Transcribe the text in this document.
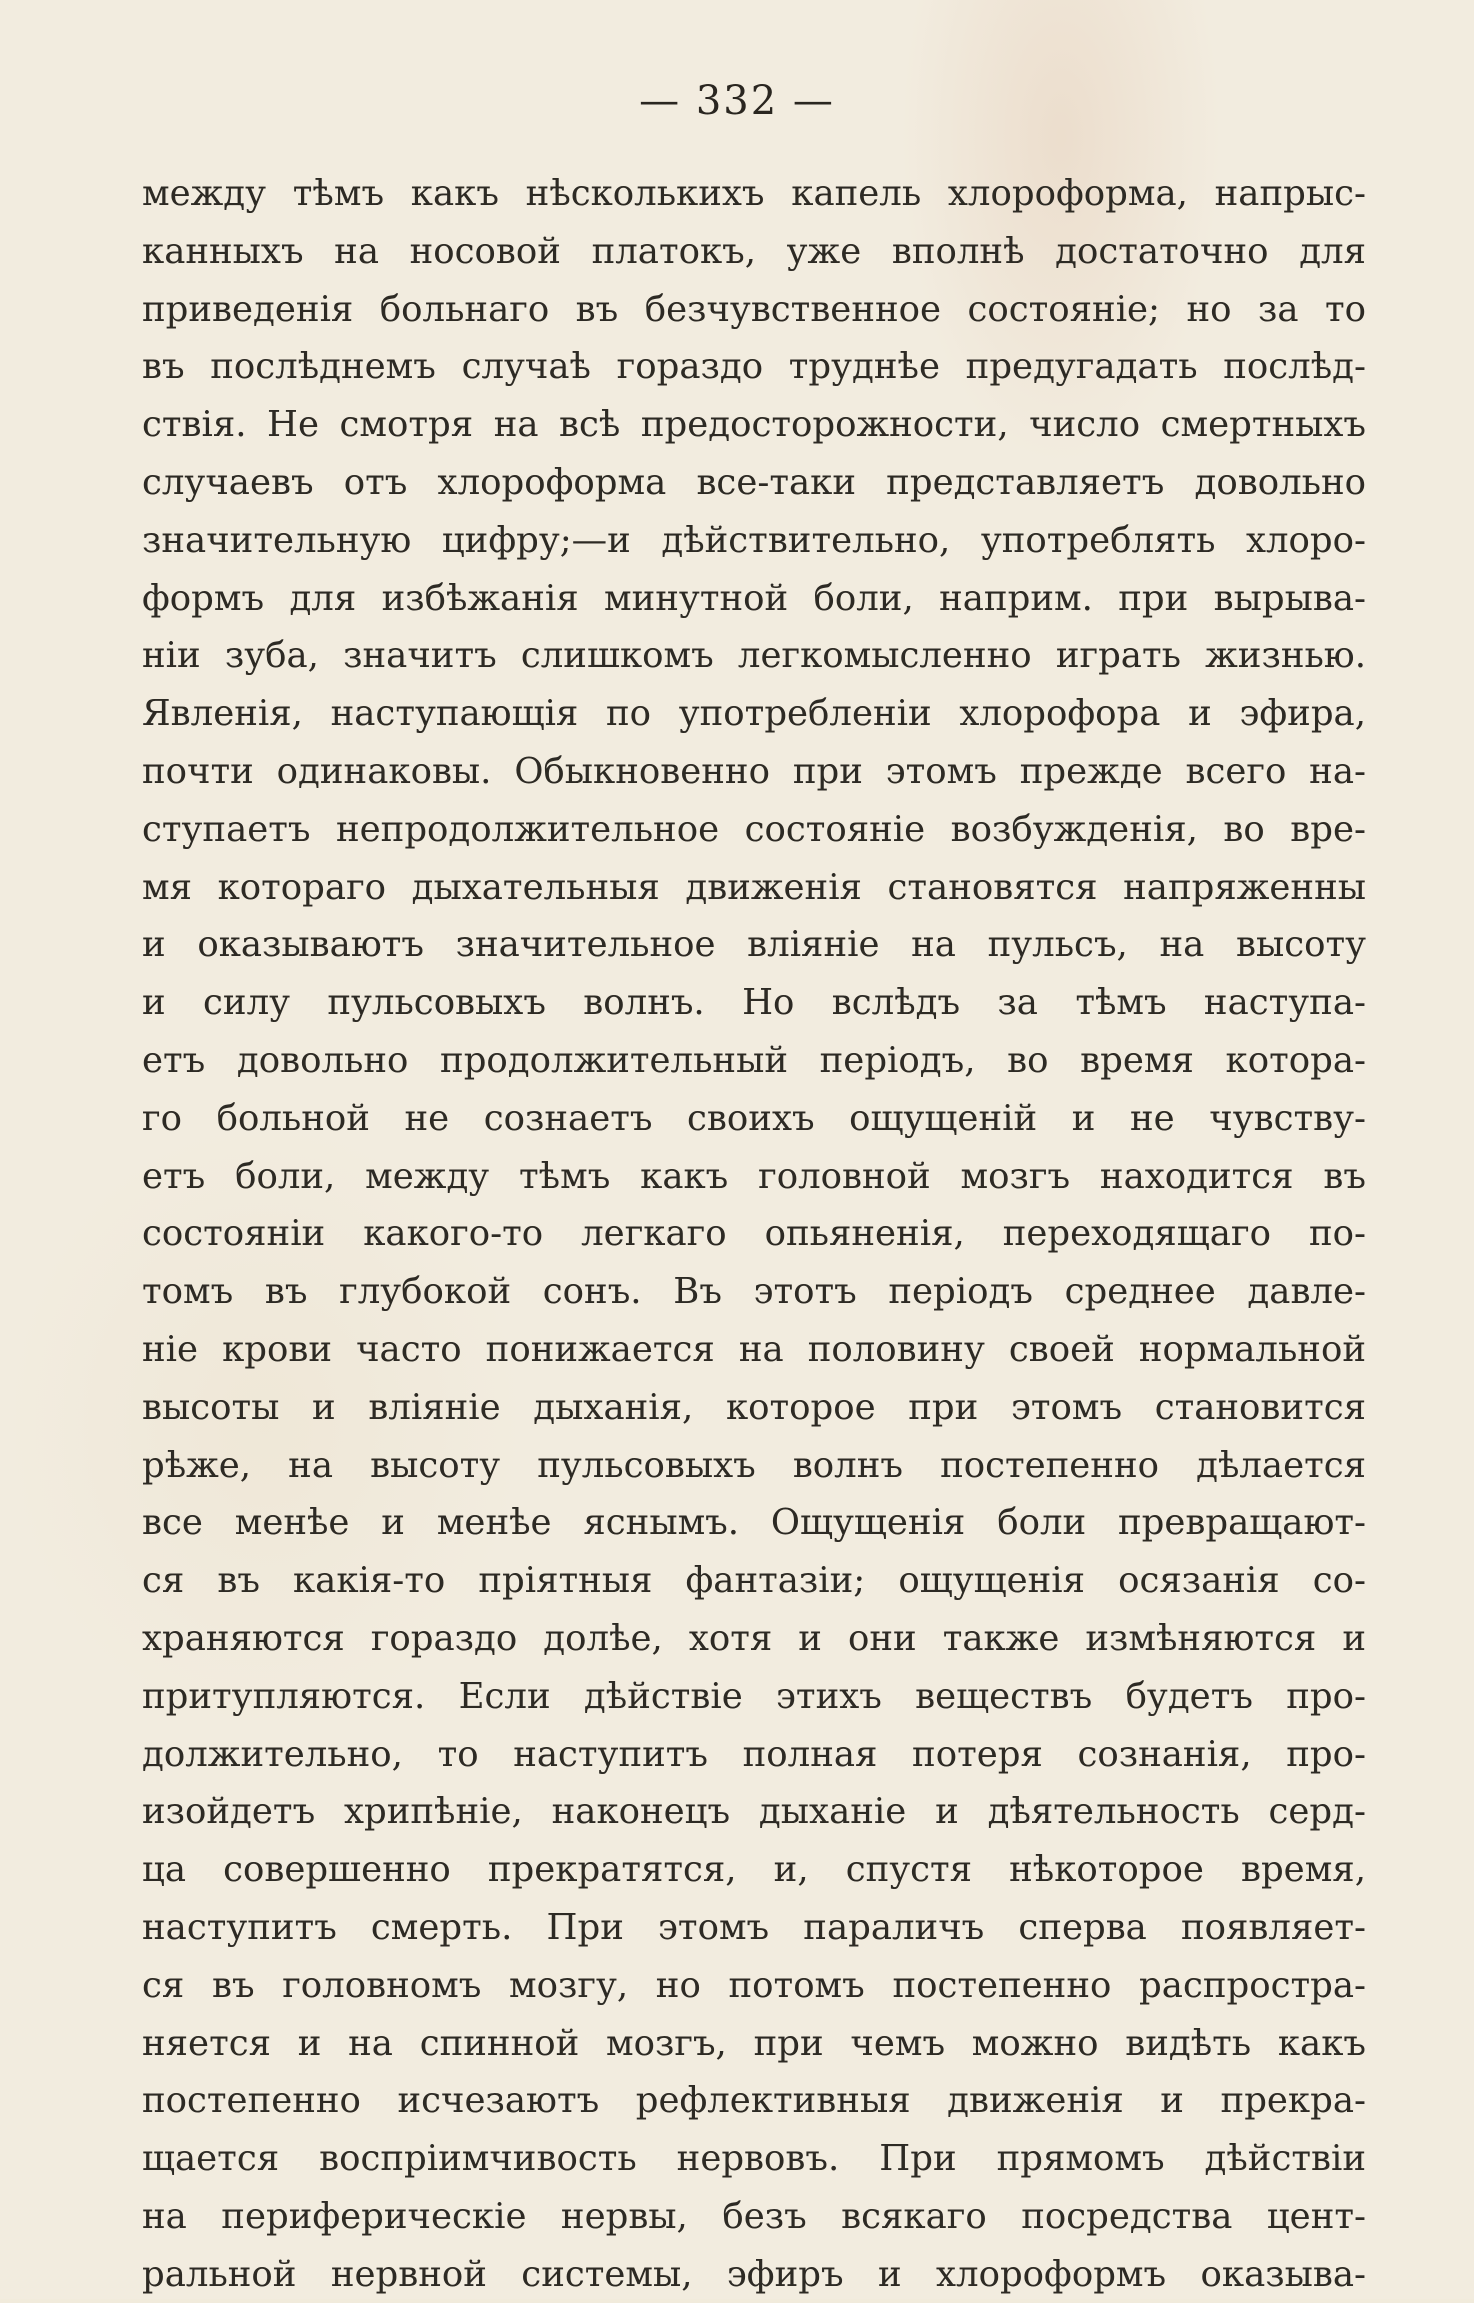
— 332 —
между тѣмъ какъ нѣсколькихъ капель хлороформа, напрыс-
канныхъ на носовой платокъ, уже вполнѣ достаточно для
приведенія больнаго въ безчувственное состояніе; но за то
въ послѣднемъ случаѣ гораздо труднѣе предугадать послѣд-
ствія. Не смотря на всѣ предосторожности, число смертныхъ
случаевъ отъ хлороформа все-таки представляетъ довольно
значительную цифру;—и дѣйствительно, употреблять хлоро-
формъ для избѣжанія минутной боли, наприм. при вырыва-
ніи зуба, значитъ слишкомъ легкомысленно играть жизнью.
Явленія, наступающія по употребленіи хлорофора и эфира,
почти одинаковы. Обыкновенно при этомъ прежде всего на-
ступаетъ непродолжительное состояніе возбужденія, во вре-
мя котораго дыхательныя движенія становятся напряженны
и оказываютъ значительное вліяніе на пульсъ, на высоту
и силу пульсовыхъ волнъ. Но вслѣдъ за тѣмъ наступа-
етъ довольно продолжительный періодъ, во время котора-
го больной не сознаетъ своихъ ощущеній и не чувству-
етъ боли, между тѣмъ какъ головной мозгъ находится въ
состояніи какого-то легкаго опьяненія, переходящаго по-
томъ въ глубокой сонъ. Въ этотъ періодъ среднее давле-
ніе крови часто понижается на половину своей нормальной
высоты и вліяніе дыханія, которое при этомъ становится
рѣже, на высоту пульсовыхъ волнъ постепенно дѣлается
все менѣе и менѣе яснымъ. Ощущенія боли превращают-
ся въ какія-то пріятныя фантазіи; ощущенія осязанія со-
храняются гораздо долѣе, хотя и они также измѣняются и
притупляются. Если дѣйствіе этихъ веществъ будетъ про-
должительно, то наступитъ полная потеря сознанія, про-
изойдетъ хрипѣніе, наконецъ дыханіе и дѣятельность серд-
ца совершенно прекратятся, и, спустя нѣкоторое время,
наступитъ смерть. При этомъ параличъ сперва появляет-
ся въ головномъ мозгу, но потомъ постепенно распростра-
няется и на спинной мозгъ, при чемъ можно видѣть какъ
постепенно исчезаютъ рефлективныя движенія и прекра-
щается воспріимчивость нервовъ. При прямомъ дѣйствіи
на периферическіе нервы, безъ всякаго посредства цент-
ральной нервной системы, эфиръ и хлороформъ оказыва-
